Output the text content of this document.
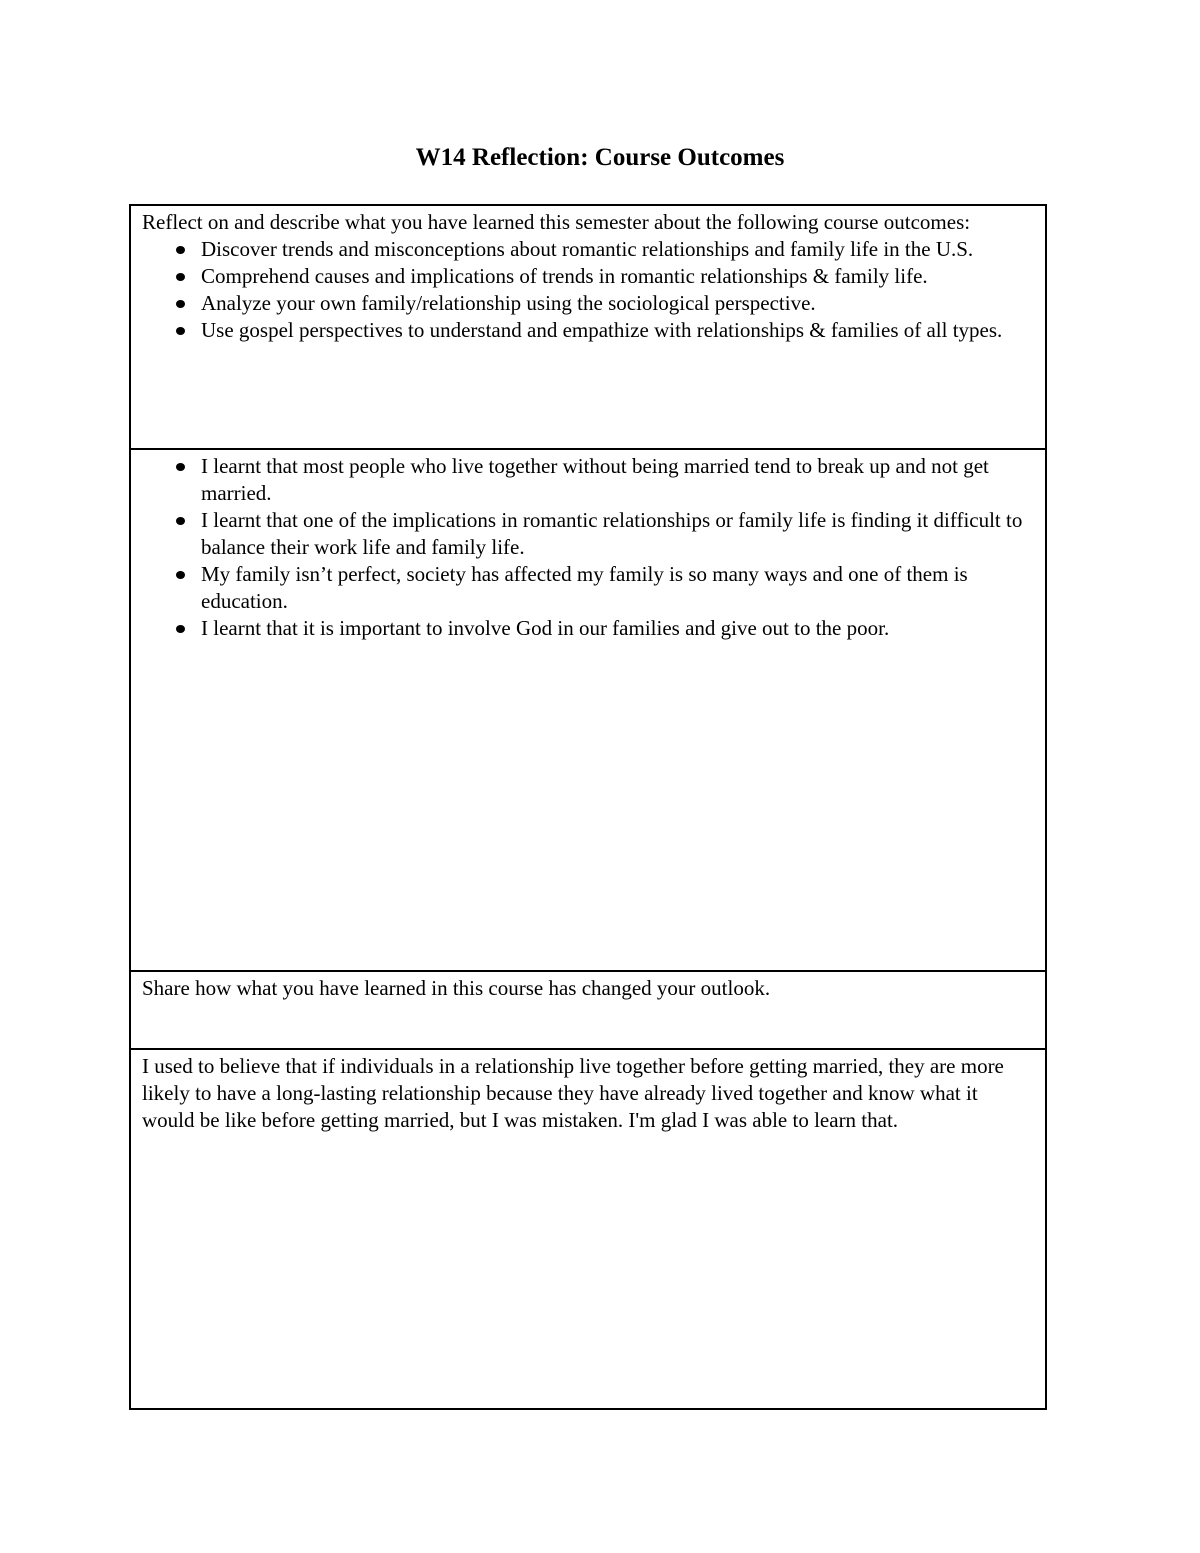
W14 Reflection: Course Outcomes

Reflect on and describe what you have learned this semester about the following course outcomes:

Discover trends and misconceptions about romantic relationships and family life in the U.S.
Comprehend causes and implications of trends in romantic relationships & family life.
Analyze your own family/relationship using the sociological perspective.
Use gospel perspectives to understand and empathize with relationships & families of all types.
I learnt that most people who live together without being married tend to break up and not get married.
I learnt that one of the implications in romantic relationships or family life is finding it difficult to balance their work life and family life.
My family isn’t perfect, society has affected my family is so many ways and one of them is education.
I learnt that it is important to involve God in our families and give out to the poor.

Share how what you have learned in this course has changed your outlook.

I used to believe that if individuals in a relationship live together before getting married, they are more likely to have a long-lasting relationship because they have already lived together and know what it would be like before getting married, but I was mistaken. I'm glad I was able to learn that.
